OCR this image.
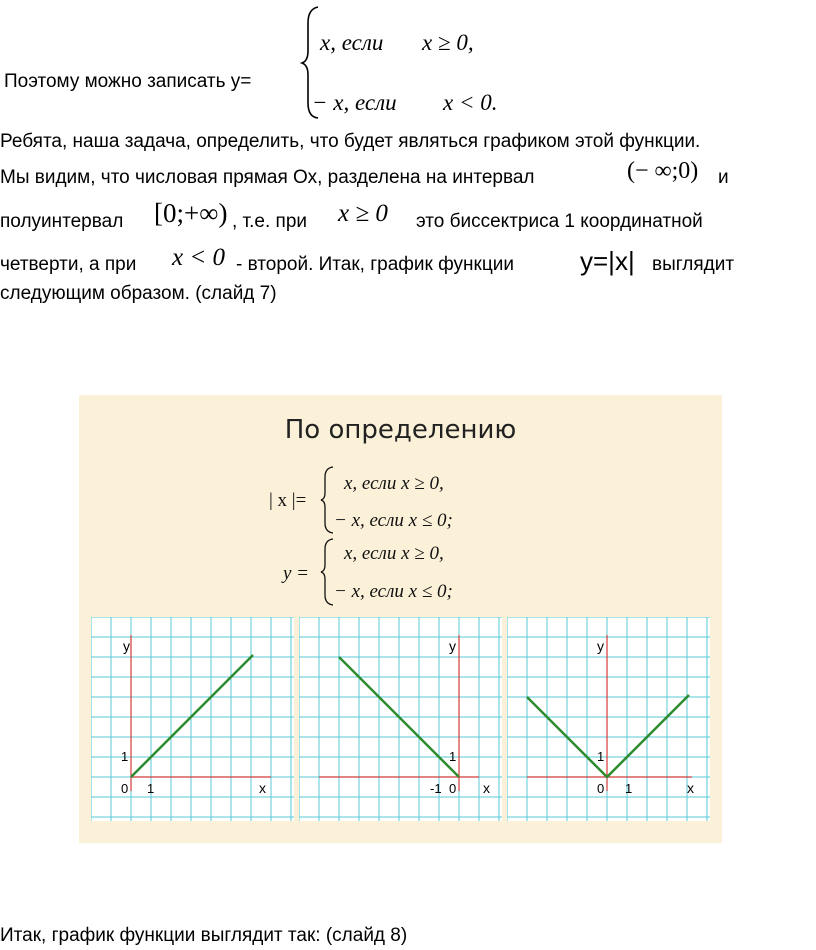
Поэтому можно записать у=
x, если x ≥ 0,
− x, если x < 0.
Ребята, наша задача, определить, что будет являться графиком этой функции.
Мы видим, что числовая прямая Ох, разделена на интервал	(− ∞;0) и
полуинтервал [0;+∞) , т.е. при x ≥ 0 это биссектриса 1 координатной
четверти, а при x < 0 - второй. Итак, график функции	y=|x| выглядит
следующим образом. (слайд 7)
По определению
| x |=
x, если x ≥ 0,
− x, если x ≤ 0;
y =
x, если x ≥ 0,
− x, если x ≤ 0;
y
x
0 1
1
y
x
0
-1
1
y
x
0 1
1
Итак, график функции выглядит так: (слайд 8)
